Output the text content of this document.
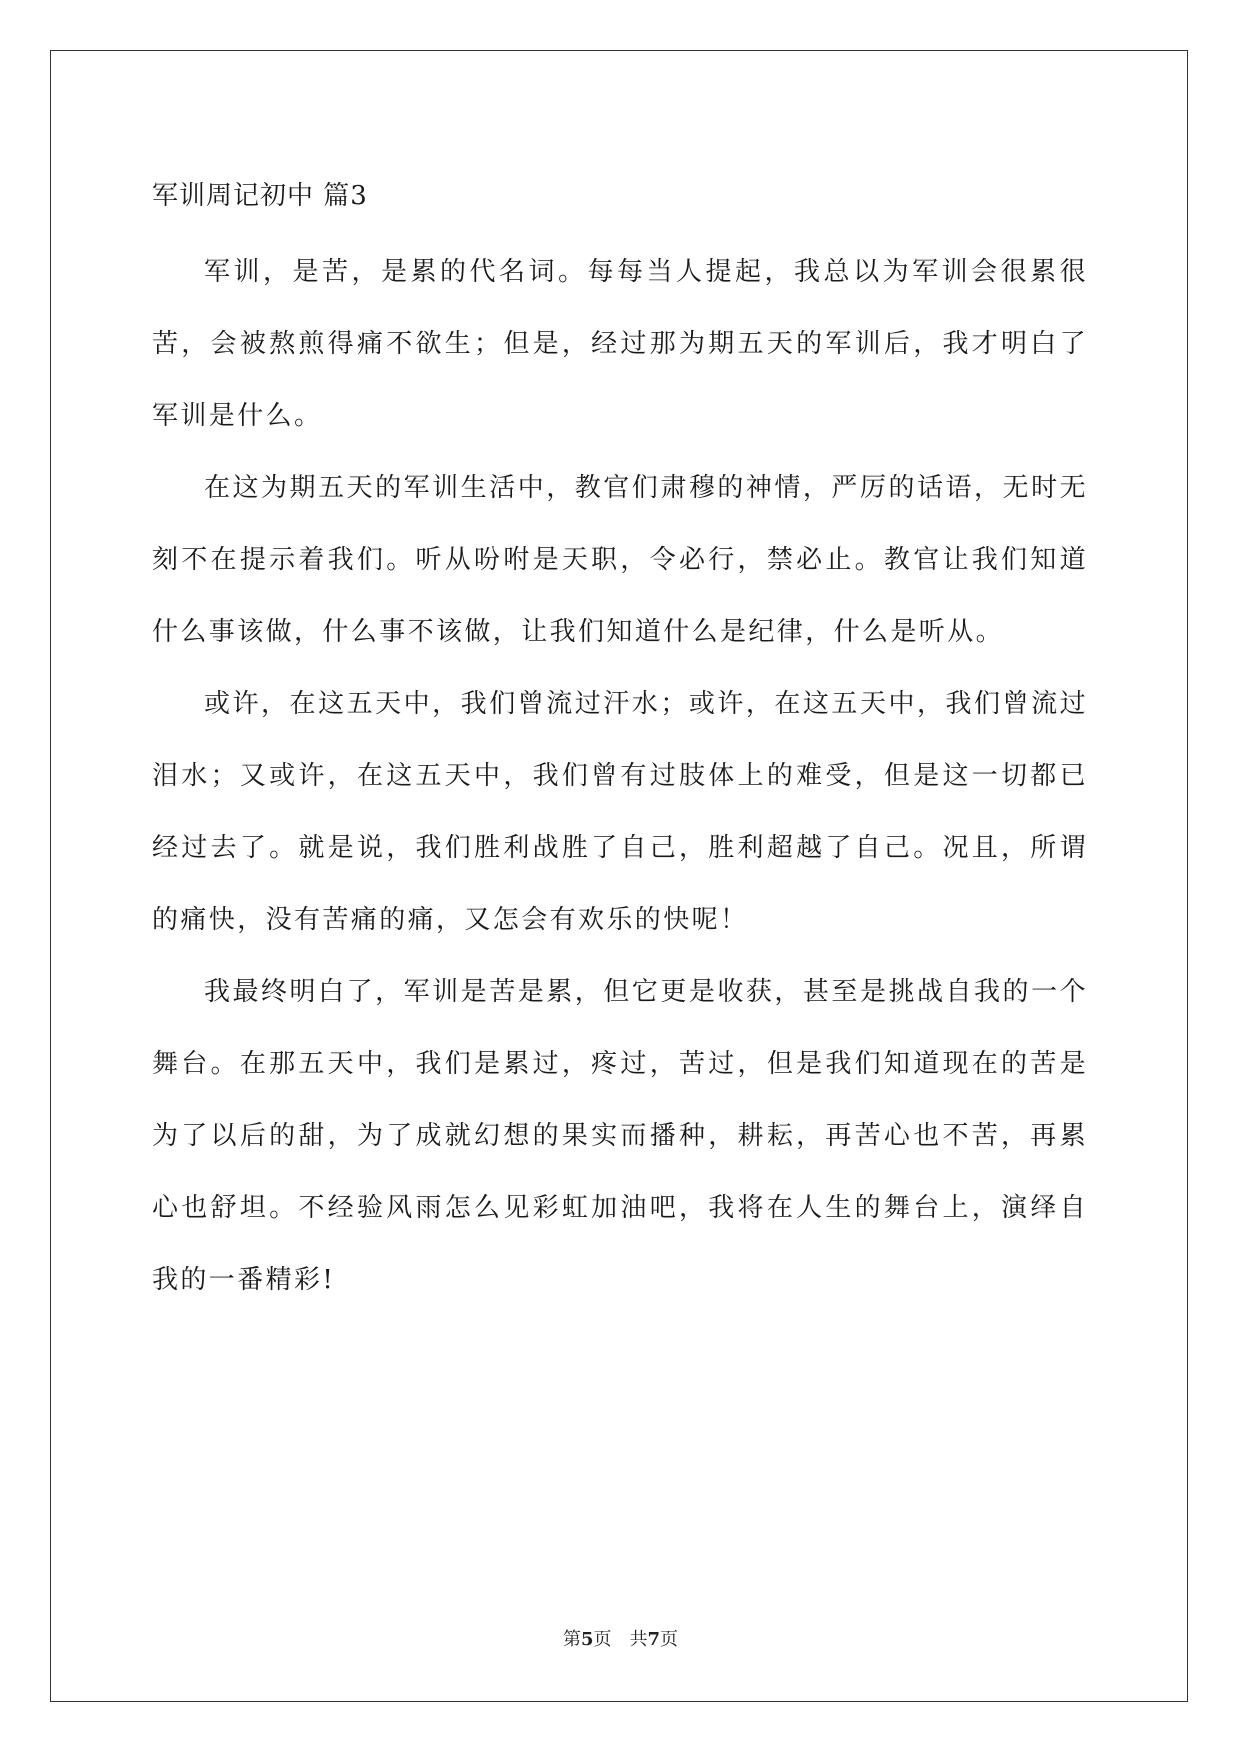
军训周记初中 篇3

军训，是苦，是累的代名词。每每当人提起，我总以为军训会很累很苦，会被熬煎得痛不欲生；但是，经过那为期五天的军训后，我才明白了军训是什么。

在这为期五天的军训生活中，教官们肃穆的神情，严厉的话语，无时无刻不在提示着我们。听从吩咐是天职，令必行，禁必止。教官让我们知道什么事该做，什么事不该做，让我们知道什么是纪律，什么是听从。

或许，在这五天中，我们曾流过汗水；或许，在这五天中，我们曾流过泪水；又或许，在这五天中，我们曾有过肢体上的难受，但是这一切都已经过去了。就是说，我们胜利战胜了自己，胜利超越了自己。况且，所谓的痛快，没有苦痛的痛，又怎会有欢乐的快呢！

我最终明白了，军训是苦是累，但它更是收获，甚至是挑战自我的一个舞台。在那五天中，我们是累过，疼过，苦过，但是我们知道现在的苦是为了以后的甜，为了成就幻想的果实而播种，耕耘，再苦心也不苦，再累心也舒坦。不经验风雨怎么见彩虹加油吧，我将在人生的舞台上，演绎自我的一番精彩!

第5页 共7页
